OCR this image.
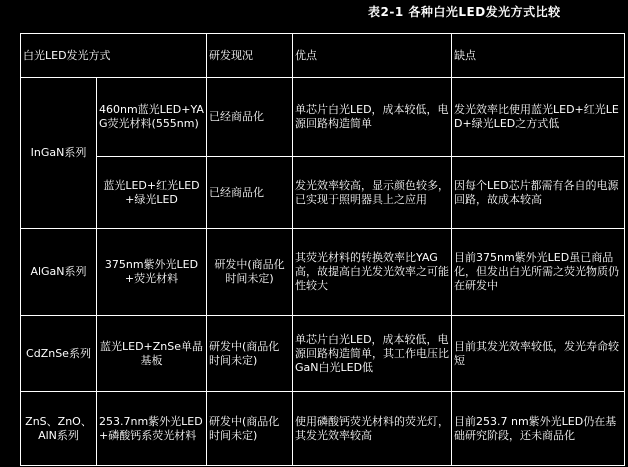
表2-1 各种白光LED发光方式比较
白光LED发光方式		研发现况	优点	缺点
InGaN系列	460nm蓝光LED+YAG荧光材料(555nm)	已经商品化	单芯片白光LED，成本较低，电源回路构造简单	发光效率比使用蓝光LED+红光LED+绿光LED之方式低
	蓝光LED+红光LED+绿光LED	已经商品化	发光效率较高，显示颜色较多，已实现于照明器具上之应用	因每个LED芯片都需有各自的电源回路，故成本较高
AlGaN系列	375nm紫外光LED+荧光材料	研发中(商品化时间未定)	其荧光材料的转换效率比YAG高，故提高白光发光效率之可能性较大	目前375nm紫外光LED虽已商品化，但发出白光所需之荧光物质仍在研发中
CdZnSe系列	蓝光LED+ZnSe单晶基板	研发中(商品化时间未定)	单芯片白光LED，成本较低，电源回路构造简单，其工作电压比GaN白光LED低	目前其发光效率较低，发光寿命较短
ZnS、ZnO、AlN系列	253.7nm紫外光LED+磷酸钙系荧光材料	研发中(商品化时间未定)	使用磷酸钙荧光材料的荧光灯，其发光效率较高	目前253.7 nm紫外光LED仍在基础研究阶段，还未商品化
